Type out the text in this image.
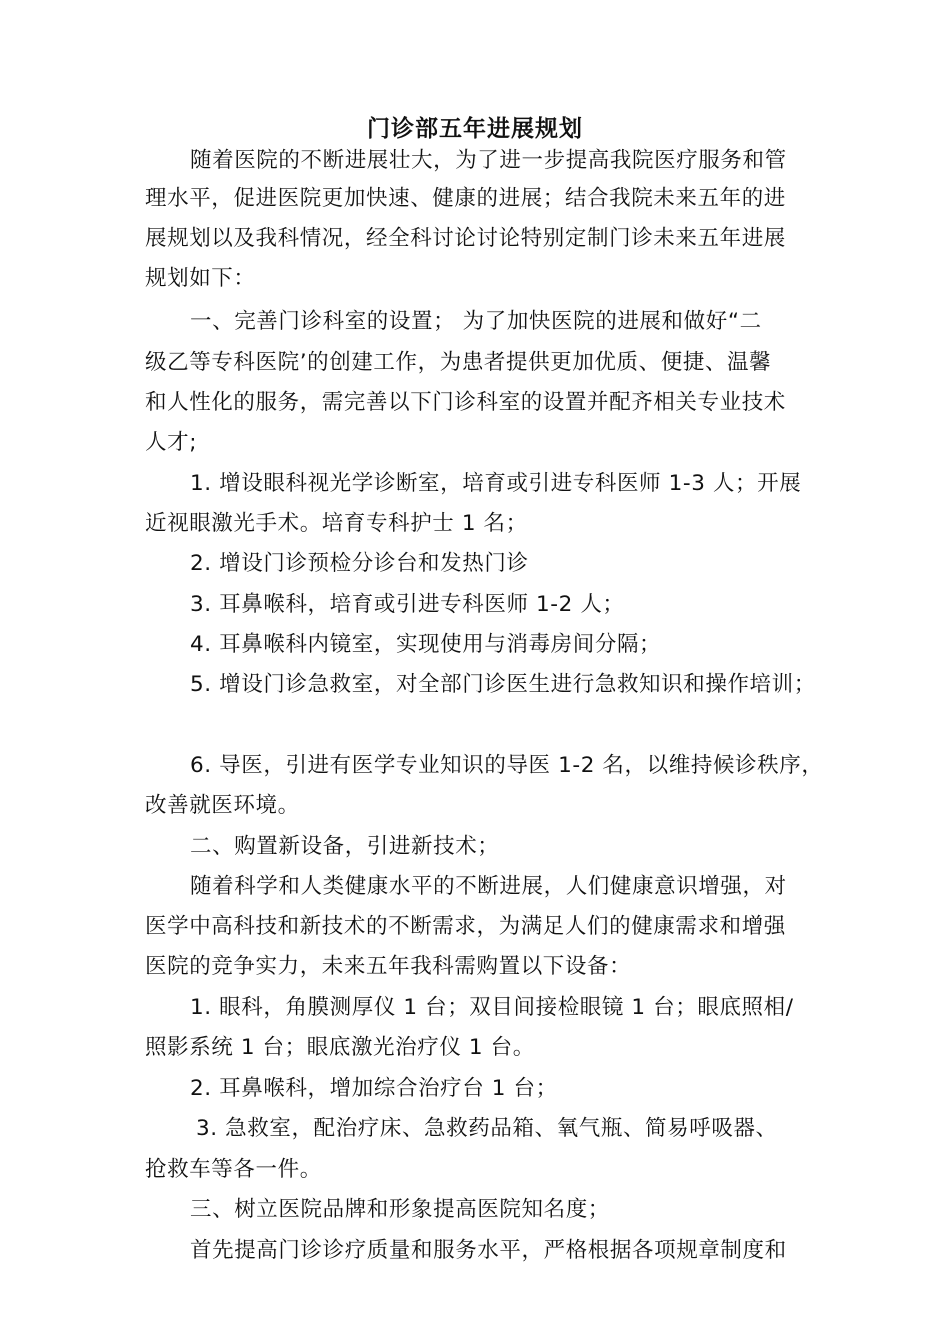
门诊部五年进展规划
随着医院的不断进展壮大，为了进一步提高我院医疗服务和管
理水平，促进医院更加快速、健康的进展；结合我院未来五年的进
展规划以及我科情况，经全科讨论讨论特别定制门诊未来五年进展
规划如下：
一、完善门诊科室的设置； 为了加快医院的进展和做好“二
级乙等专科医院’的创建工作，为患者提供更加优质、便捷、温馨
和人性化的服务，需完善以下门诊科室的设置并配齐相关专业技术
人才;
1. 增设眼科视光学诊断室，培育或引进专科医师 1-3 人；开展
近视眼激光手术。培育专科护士 1 名；
2. 增设门诊预检分诊台和发热门诊
3. 耳鼻喉科，培育或引进专科医师 1-2 人；
4. 耳鼻喉科内镜室，实现使用与消毒房间分隔；
5. 增设门诊急救室，对全部门诊医生进行急救知识和操作培训；
6. 导医，引进有医学专业知识的导医 1-2 名，以维持候诊秩序，
改善就医环境。
二、购置新设备，引进新技术；
随着科学和人类健康水平的不断进展，人们健康意识增强，对
医学中高科技和新技术的不断需求，为满足人们的健康需求和增强
医院的竞争实力，未来五年我科需购置以下设备：
1. 眼科，角膜测厚仪 1 台；双目间接检眼镜 1 台；眼底照相/
照影系统 1 台；眼底激光治疗仪 1 台。
2. 耳鼻喉科，增加综合治疗台 1 台；
3. 急救室，配治疗床、急救药品箱、氧气瓶、简易呼吸器、
抢救车等各一件。
三、树立医院品牌和形象提高医院知名度；
首先提高门诊诊疗质量和服务水平，严格根据各项规章制度和
